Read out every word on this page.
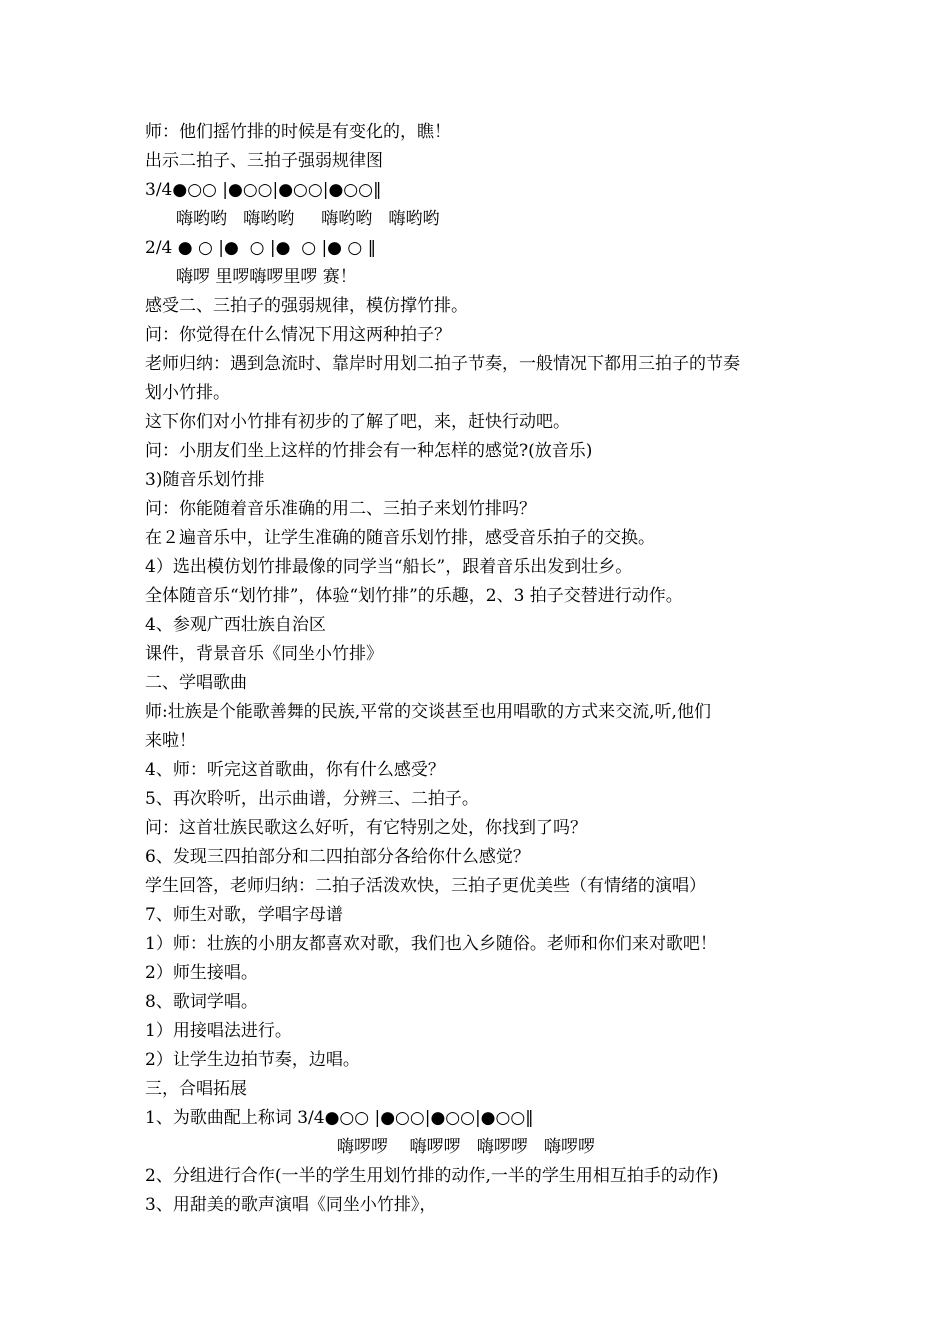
师：他们摇竹排的时候是有变化的，瞧！
出示二拍子、三拍子强弱规律图
3/4●○○ |●○○|●○○|●○○‖
嗨哟哟   嗨哟哟     嗨哟哟   嗨哟哟
2/4 ● ○ |●  ○ |●  ○ |● ○ ‖
嗨啰 里啰嗨啰里啰 赛！
感受二、三拍子的强弱规律，模仿撑竹排。
问：你觉得在什么情况下用这两种拍子？
老师归纳：遇到急流时、靠岸时用划二拍子节奏，一般情况下都用三拍子的节奏
划小竹排。
这下你们对小竹排有初步的了解了吧，来，赶快行动吧。
问：小朋友们坐上这样的竹排会有一种怎样的感觉?(放音乐)
3)随音乐划竹排
问：你能随着音乐准确的用二、三拍子来划竹排吗？
在２遍音乐中，让学生准确的随音乐划竹排，感受音乐拍子的交换。
4）选出模仿划竹排最像的同学当“船长”，跟着音乐出发到壮乡。
全体随音乐“划竹排”，体验“划竹排”的乐趣，2、3 拍子交替进行动作。
4、参观广西壮族自治区
课件，背景音乐《同坐小竹排》
二、学唱歌曲
师:壮族是个能歌善舞的民族,平常的交谈甚至也用唱歌的方式来交流,听,他们
来啦！
4、师：听完这首歌曲，你有什么感受？
5、再次聆听，出示曲谱，分辨三、二拍子。
问：这首壮族民歌这么好听，有它特别之处，你找到了吗？
6、发现三四拍部分和二四拍部分各给你什么感觉？
学生回答，老师归纳：二拍子活泼欢快，三拍子更优美些（有情绪的演唱）
7、师生对歌，学唱字母谱
1）师：壮族的小朋友都喜欢对歌，我们也入乡随俗。老师和你们来对歌吧！
2）师生接唱。
8、歌词学唱。
1）用接唱法进行。
2）让学生边拍节奏，边唱。
三，合唱拓展
1、为歌曲配上称词 3/4●○○ |●○○|●○○|●○○‖
嗨啰啰    嗨啰啰   嗨啰啰   嗨啰啰
2、分组进行合作(一半的学生用划竹排的动作,一半的学生用相互拍手的动作)
3、用甜美的歌声演唱《同坐小竹排》，
